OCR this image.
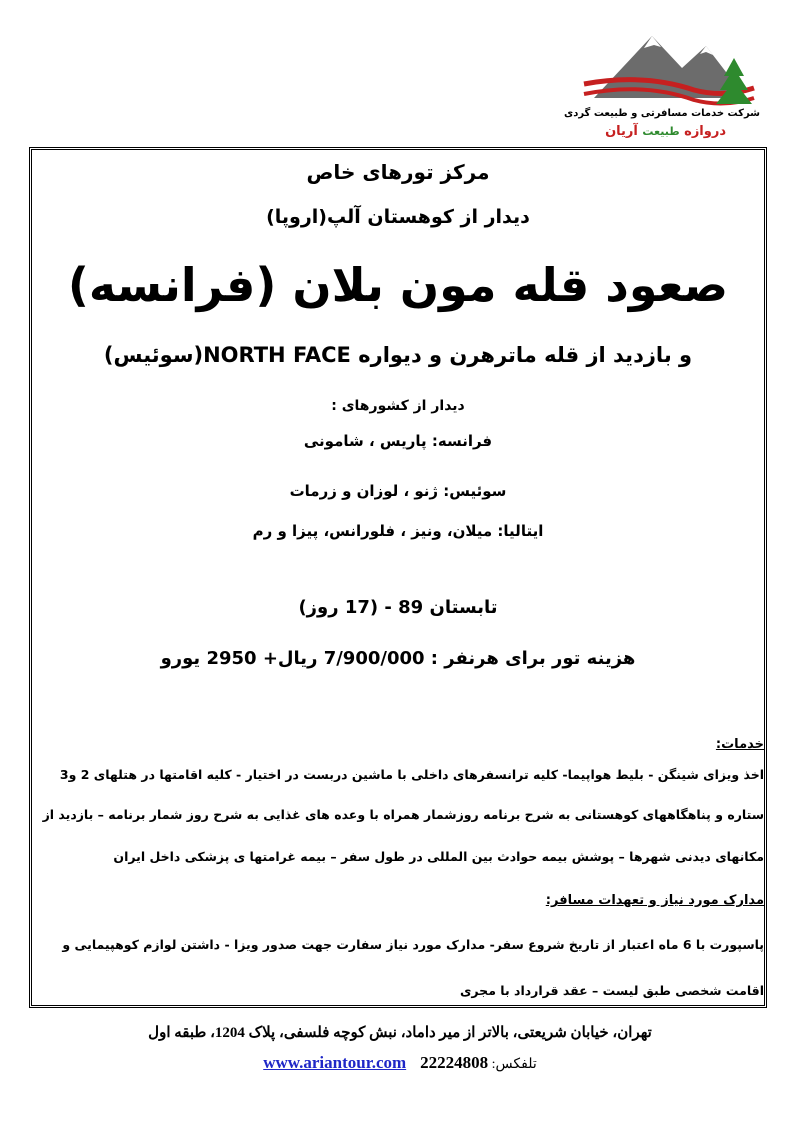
شرکت خدمات مسافرتی و طبیعت گردی
دروازه طبیعت آریان
مرکز تورهای خاص
دیدار از کوهستان آلپ(اروپا)
صعود قله مون بلان (فرانسه)
و بازدید از قله ماترهرن و دیواره NORTH FACE(سوئیس)
دیدار از کشورهای :
فرانسه: پاریس ، شامونی
سوئیس: ژنو ، لوزان و زرمات
ایتالیا: میلان، ونیز ، فلورانس، پیزا و رم
تابستان 89 - (17 روز)
هزینه تور برای هرنفر : 7/900/000 ریال+ 2950 یورو
خدمات:
اخذ ویزای شینگن - بلیط هواپیما- کلیه ترانسفرهای داخلی با ماشین دربست در اختیار - کلیه اقامتها در هتلهای 2 و3
ستاره و پناهگاههای کوهستانی به شرح برنامه روزشمار همراه با وعده های غذایی به شرح روز شمار برنامه – بازدید از
مکانهای دیدنی شهرها – پوشش بیمه حوادث بین المللی در طول سفر – بیمه غرامتها ی پزشکی داخل ایران
مدارک مورد نیاز و تعهدات مسافر:
پاسپورت با 6 ماه اعتبار از تاریخ شروع سفر- مدارک مورد نیاز سفارت جهت صدور ویزا - داشتن لوازم کوهپیمایی و
اقامت شخصی طبق لیست – عقد قرارداد با مجری
تهران، خیابان شریعتی، بالاتر از میر داماد، نبش کوچه فلسفی، پلاک 1204، طبقه اول
تلفکس: 22224808    www.ariantour.com
